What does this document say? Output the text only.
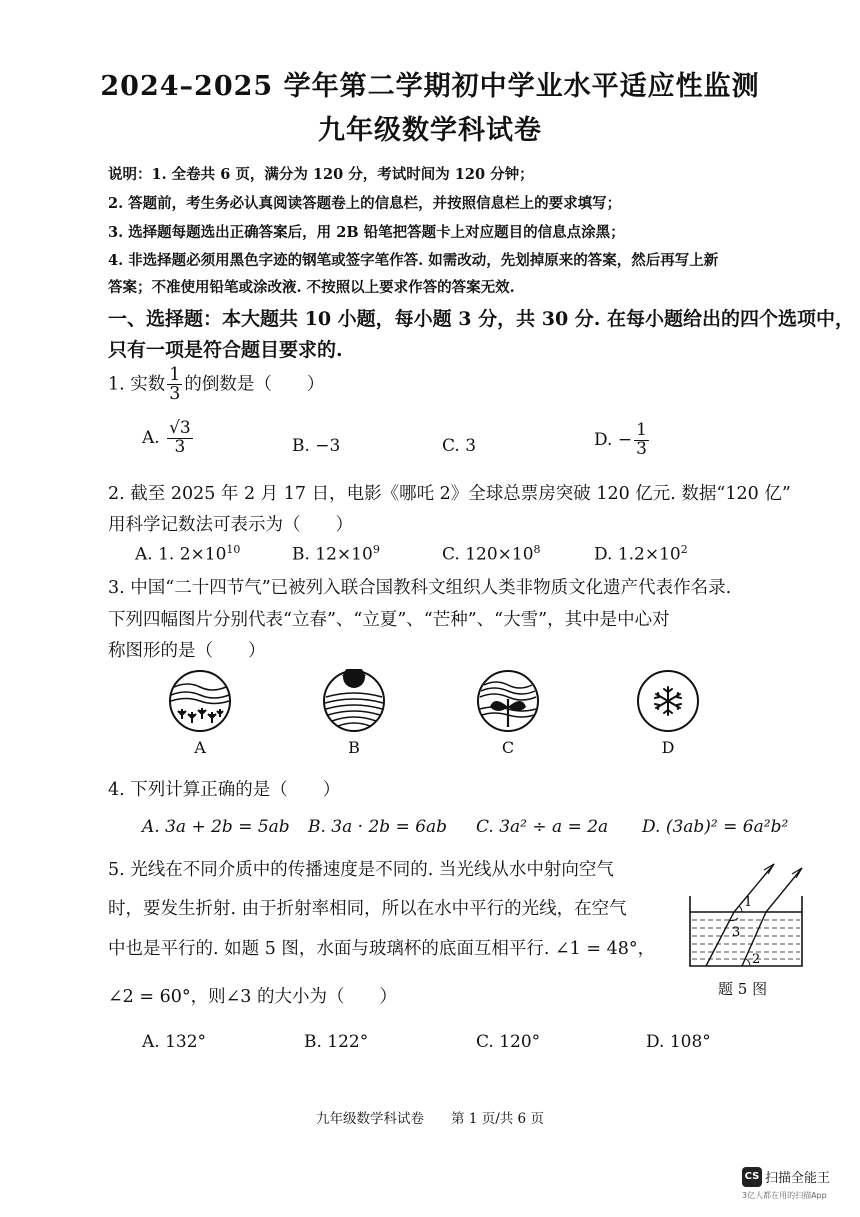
2024–2025 学年第二学期初中学业水平适应性监测
九年级数学科试卷
说明：1. 全卷共 6 页，满分为 120 分，考试时间为 120 分钟；
2. 答题前，考生务必认真阅读答题卷上的信息栏，并按照信息栏上的要求填写；
3. 选择题每题选出正确答案后，用 2B 铅笔把答题卡上对应题目的信息点涂黑；
4. 非选择题必须用黑色字迹的钢笔或签字笔作答. 如需改动，先划掉原来的答案，然后再写上新
答案；不准使用铅笔或涂改液. 不按照以上要求作答的答案无效.
一、选择题：本大题共 10 小题，每小题 3 分，共 30 分. 在每小题给出的四个选项中，
只有一项是符合题目要求的.
1. 实数 $\frac{1}{3}$ 的倒数是（　　）
A. $\frac{√3}{3}$	B. −3	C. 3	D. − $\frac{1}{3}$
2. 截至 2025 年 2 月 17 日，电影《哪吒 2》全球总票房突破 120 亿元. 数据“120 亿”
用科学记数法可表示为（　　）
A. 1. $2\times 10^{10}$	B. $12\times 10^9$	C. $120\times 10^8$	D. $1.2\times 10^2$
3. 中国“二十四节气”已被列入联合国教科文组织人类非物质文化遗产代表作名录.
下列四幅图片分别代表“立春”、“立夏”、“芒种”、“大雪”，其中是中心对
称图形的是（　　）
A	B	C	D
4. 下列计算正确的是（　　）
A. 3a + 2b = 5ab B. 3a · 2b = 6ab C. 3a² ÷ a = 2a D. (3ab)² = 6a²b²
5. 光线在不同介质中的传播速度是不同的. 当光线从水中射向空气
时，要发生折射. 由于折射率相同，所以在水中平行的光线，在空气
中也是平行的. 如题 5 图，水面与玻璃杯的底面互相平行. ∠1 = 48°，
∠2 = 60°，则∠3 的大小为（　　）
1
3
2
题 5 图
A. 132°	B. 122°	C. 120°	D. 108°
九年级数学科试卷　　第 1 页/共 6 页
CS 扫描全能王
3亿人都在用的扫描App
